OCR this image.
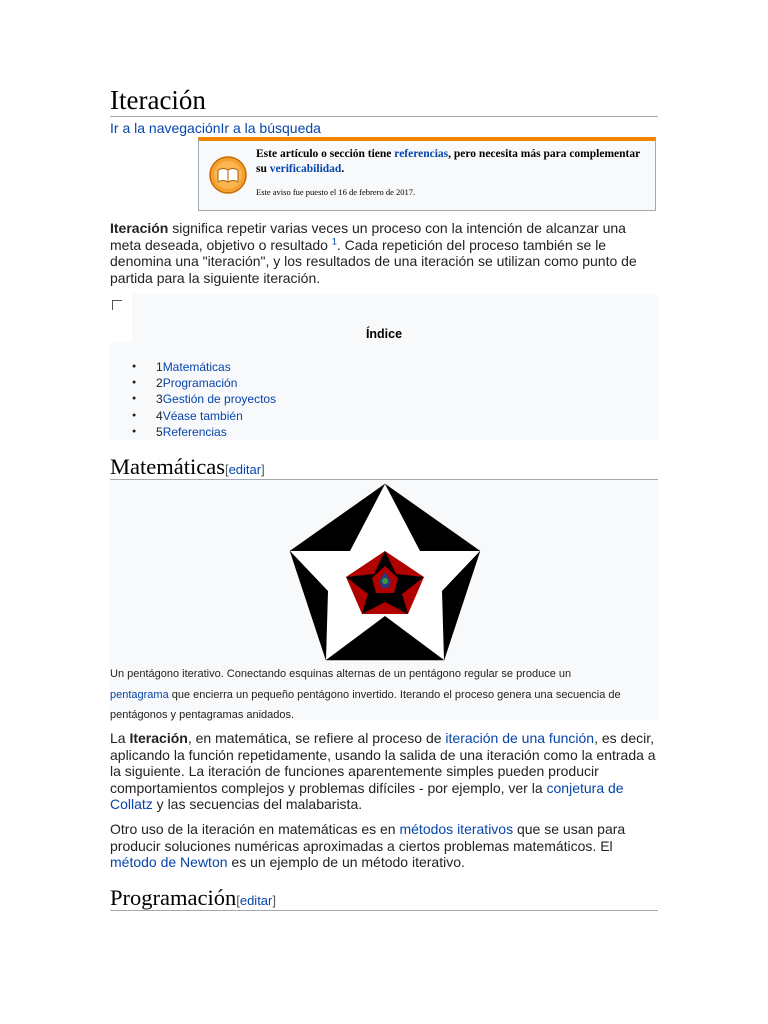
Iteración
Ir a la navegaciónIr a la búsqueda
Este artículo o sección tiene referencias, pero necesita más para complementar su verificabilidad.
Este aviso fue puesto el 16 de febrero de 2017.

Iteración significa repetir varias veces un proceso con la intención de alcanzar una meta deseada, objetivo o resultado $^1$. Cada repetición del proceso también se le denomina una "iteración", y los resultados de una iteración se utilizan como punto de partida para la siguiente iteración.

Índice
● 1Matemáticas
● 2Programación
● 3Gestión de proyectos
● 4Véase también
● 5Referencias
Matemáticas[editar]
Un pentágono iterativo. Conectando esquinas alternas de un pentágono regular se produce un pentagrama que encierra un pequeño pentágono invertido. Iterando el proceso genera una secuencia de pentágonos y pentagramas anidados.

La Iteración, en matemática, se refiere al proceso de iteración de una función, es decir, aplicando la función repetidamente, usando la salida de una iteración como la entrada a la siguiente. La iteración de funciones aparentemente simples pueden producir comportamientos complejos y problemas difíciles - por ejemplo, ver la conjetura de Collatz y las secuencias del malabarista.

Otro uso de la iteración en matemáticas es en métodos iterativos que se usan para producir soluciones numéricas aproximadas a ciertos problemas matemáticos. El método de Newton es un ejemplo de un método iterativo.

Programación[editar]
